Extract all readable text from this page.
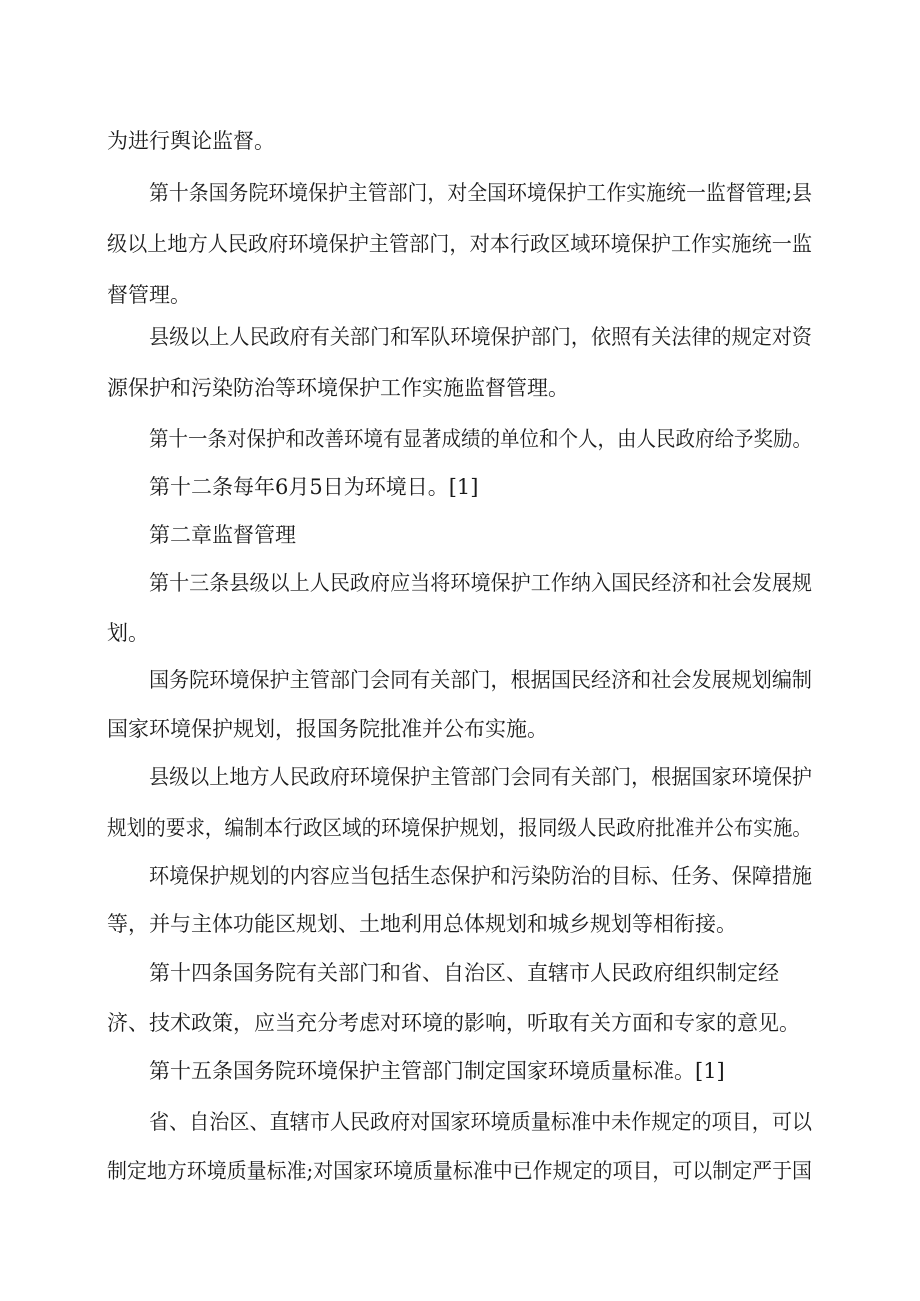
为进行舆论监督。

第十条国务院环境保护主管部门，对全国环境保护工作实施统一监督管理;县

级以上地方人民政府环境保护主管部门，对本行政区域环境保护工作实施统一监

督管理。

县级以上人民政府有关部门和军队环境保护部门，依照有关法律的规定对资

源保护和污染防治等环境保护工作实施监督管理。

第十一条对保护和改善环境有显著成绩的单位和个人，由人民政府给予奖励。

第十二条每年6月5日为环境日。[1]

第二章监督管理

第十三条县级以上人民政府应当将环境保护工作纳入国民经济和社会发展规

划。

国务院环境保护主管部门会同有关部门，根据国民经济和社会发展规划编制

国家环境保护规划，报国务院批准并公布实施。

县级以上地方人民政府环境保护主管部门会同有关部门，根据国家环境保护

规划的要求，编制本行政区域的环境保护规划，报同级人民政府批准并公布实施。

环境保护规划的内容应当包括生态保护和污染防治的目标、任务、保障措施

等，并与主体功能区规划、土地利用总体规划和城乡规划等相衔接。

第十四条国务院有关部门和省、自治区、直辖市人民政府组织制定经

济、技术政策，应当充分考虑对环境的影响，听取有关方面和专家的意见。

第十五条国务院环境保护主管部门制定国家环境质量标准。[1]

省、自治区、直辖市人民政府对国家环境质量标准中未作规定的项目，可以

制定地方环境质量标准;对国家环境质量标准中已作规定的项目，可以制定严于国
